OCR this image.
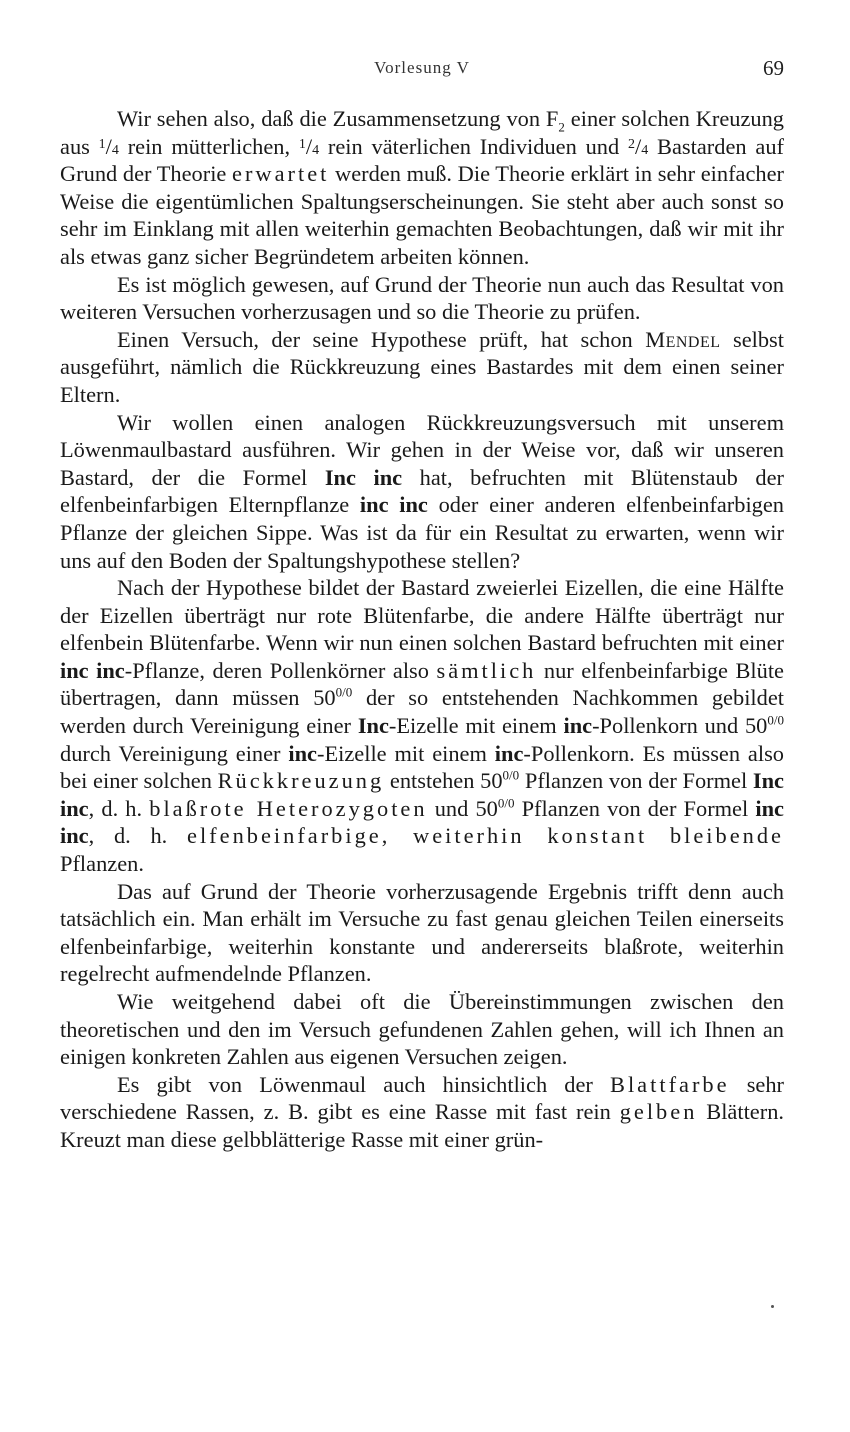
Vorlesung V	69

Wir sehen also, daß die Zusammensetzung von $F_2$ einer solchen Kreuzung aus $^1$/4 rein mütterlichen, $^1$/4 rein väterlichen Individuen und $^2$/4 Bastarden auf Grund der Theorie erwartet werden muß. Die Theorie erklärt in sehr einfacher Weise die eigentümlichen Spaltungserscheinungen. Sie steht aber auch sonst so sehr im Einklang mit allen weiterhin gemachten Beobachtungen, daß wir mit ihr als etwas ganz sicher Begründetem arbeiten können.

Es ist möglich gewesen, auf Grund der Theorie nun auch das Resultat von weiteren Versuchen vorherzusagen und so die Theorie zu prüfen.

Einen Versuch, der seine Hypothese prüft, hat schon Mendel selbst ausgeführt, nämlich die Rückkreuzung eines Bastardes mit dem einen seiner Eltern.

Wir wollen einen analogen Rückkreuzungsversuch mit unserem Löwenmaulbastard ausführen. Wir gehen in der Weise vor, daß wir unseren Bastard, der die Formel Inc inc hat, befruchten mit Blütenstaub der elfenbeinfarbigen Elternpflanze inc inc oder einer anderen elfenbeinfarbigen Pflanze der gleichen Sippe. Was ist da für ein Resultat zu erwarten, wenn wir uns auf den Boden der Spaltungshypothese stellen?

Nach der Hypothese bildet der Bastard zweierlei Eizellen, die eine Hälfte der Eizellen überträgt nur rote Blütenfarbe, die andere Hälfte überträgt nur elfenbein Blütenfarbe. Wenn wir nun einen solchen Bastard befruchten mit einer inc inc-Pflanze, deren Pollenkörner also sämtlich nur elfenbeinfarbige Blüte übertragen, dann müssen $50^{0/0}$ der so entstehenden Nachkommen gebildet werden durch Vereinigung einer Inc-Eizelle mit einem inc-Pollenkorn und $50^{0/0}$ durch Vereinigung einer inc-Eizelle mit einem inc-Pollenkorn. Es müssen also bei einer solchen Rückkreuzung entstehen $50^{0/0}$ Pflanzen von der Formel Inc inc, d. h. blaßrote Heterozygoten und $50^{0/0}$ Pflanzen von der Formel inc inc, d. h. elfenbeinfarbige, weiterhin konstant bleibende Pflanzen.

Das auf Grund der Theorie vorherzusagende Ergebnis trifft denn auch tatsächlich ein. Man erhält im Versuche zu fast genau gleichen Teilen einerseits elfenbeinfarbige, weiterhin konstante und andererseits blaßrote, weiterhin regelrecht aufmendelnde Pflanzen.

Wie weitgehend dabei oft die Übereinstimmungen zwischen den theoretischen und den im Versuch gefundenen Zahlen gehen, will ich Ihnen an einigen konkreten Zahlen aus eigenen Versuchen zeigen.

Es gibt von Löwenmaul auch hinsichtlich der Blattfarbe sehr verschiedene Rassen, z. B. gibt es eine Rasse mit fast rein gelben Blättern. Kreuzt man diese gelbblätterige Rasse mit einer grün-
